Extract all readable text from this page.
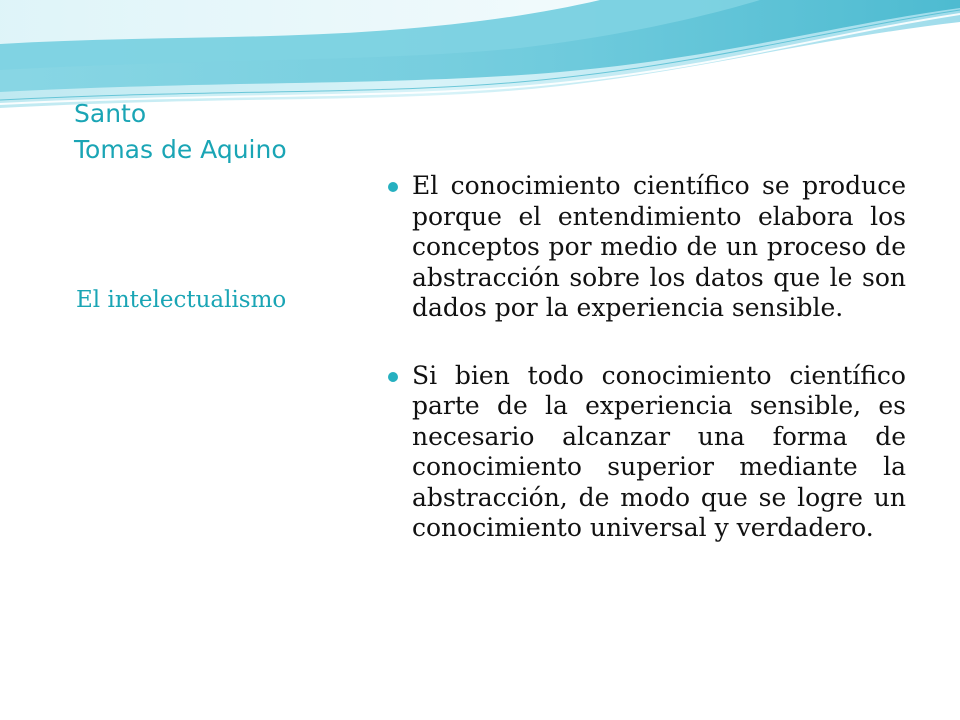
Santo
Tomas de Aquino

El intelectualismo

El conocimiento científico se produce porque el entendimiento elabora los conceptos por medio de un proceso de abstracción sobre los datos que le son dados por la experiencia sensible.
Si bien todo conocimiento científico parte de la experiencia sensible, es necesario alcanzar una forma de conocimiento superior mediante la abstracción, de modo que se logre un conocimiento universal y verdadero.
